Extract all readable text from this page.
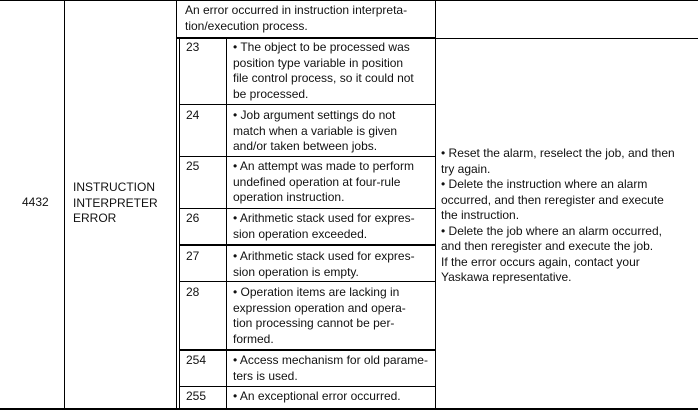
4432
INSTRUCTION
INTERPRETER
ERROR
An error occurred in instruction interpreta-
tion/execution process.
23	• The object to be processed was
position type variable in position
file control process, so it could not
be processed.
24	• Job argument settings do not
match when a variable is given
and/or taken between jobs.
25	• An attempt was made to perform
undefined operation at four-rule
operation instruction.
26	• Arithmetic stack used for expres-
sion operation exceeded.
27	• Arithmetic stack used for expres-
sion operation is empty.
28	• Operation items are lacking in
expression operation and opera-
tion processing cannot be per-
formed.
254 • Access mechanism for old parame-
ters is used.
255 • An exceptional error occurred.
• Reset the alarm, reselect the job, and then
try again.
• Delete the instruction where an alarm
occurred, and then reregister and execute
the instruction.
• Delete the job where an alarm occurred,
and then reregister and execute the job.
If the error occurs again, contact your
Yaskawa representative.
